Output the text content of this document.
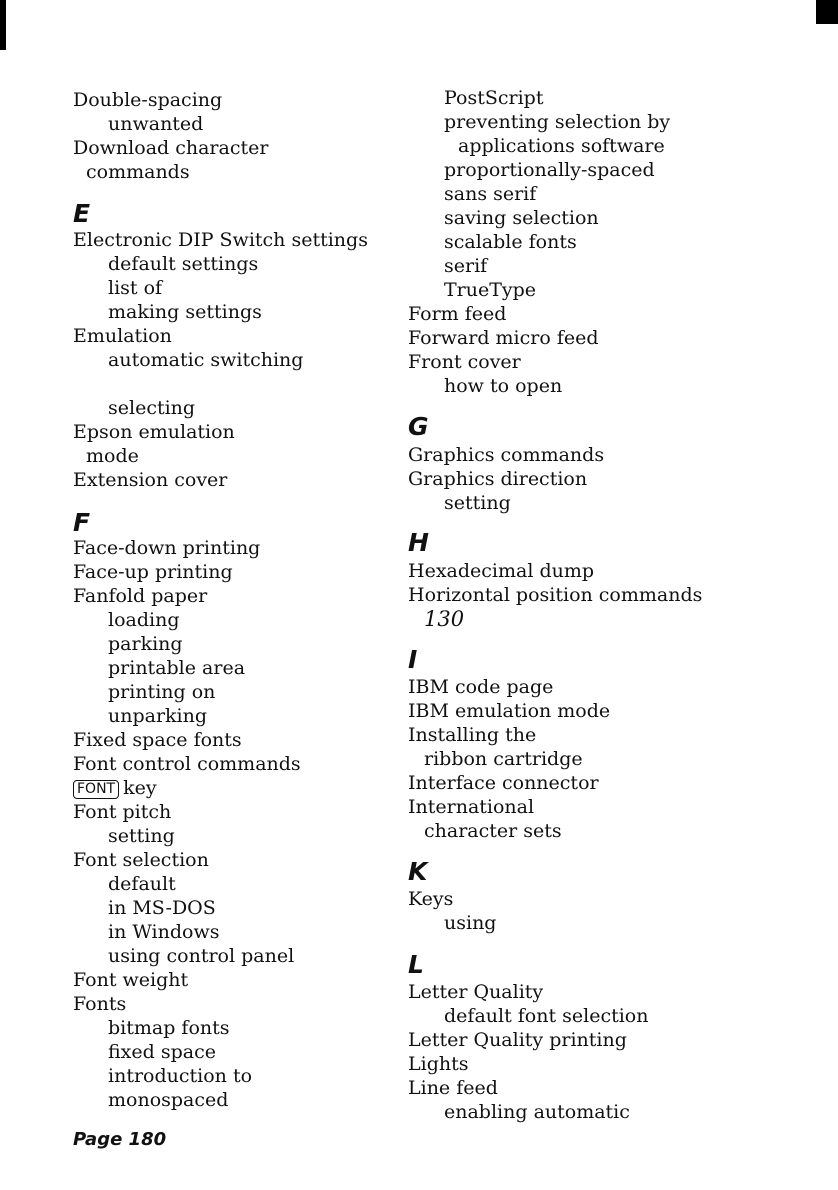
Double-spacing
unwanted
Download character
commands
E
Electronic DIP Switch settings
default settings
list of
making settings
Emulation
automatic switching
selecting
Epson emulation
mode
Extension cover
F
Face-down printing
Face-up printing
Fanfold paper
loading
parking
printable area
printing on
unparking
Fixed space fonts
Font control commands
FONT key
Font pitch
setting
Font selection
default
in MS-DOS
in Windows
using control panel
Font weight
Fonts
bitmap fonts
fixed space
introduction to
monospaced
PostScript
preventing selection by
applications software
proportionally-spaced
sans serif
saving selection
scalable fonts
serif
TrueType
Form feed
Forward micro feed
Front cover
how to open
G
Graphics commands
Graphics direction
setting
H
Hexadecimal dump
Horizontal position commands
130
I
IBM code page
IBM emulation mode
Installing the
ribbon cartridge
Interface connector
International
character sets
K
Keys
using
L
Letter Quality
default font selection
Letter Quality printing
Lights
Line feed
enabling automatic
Page 180
